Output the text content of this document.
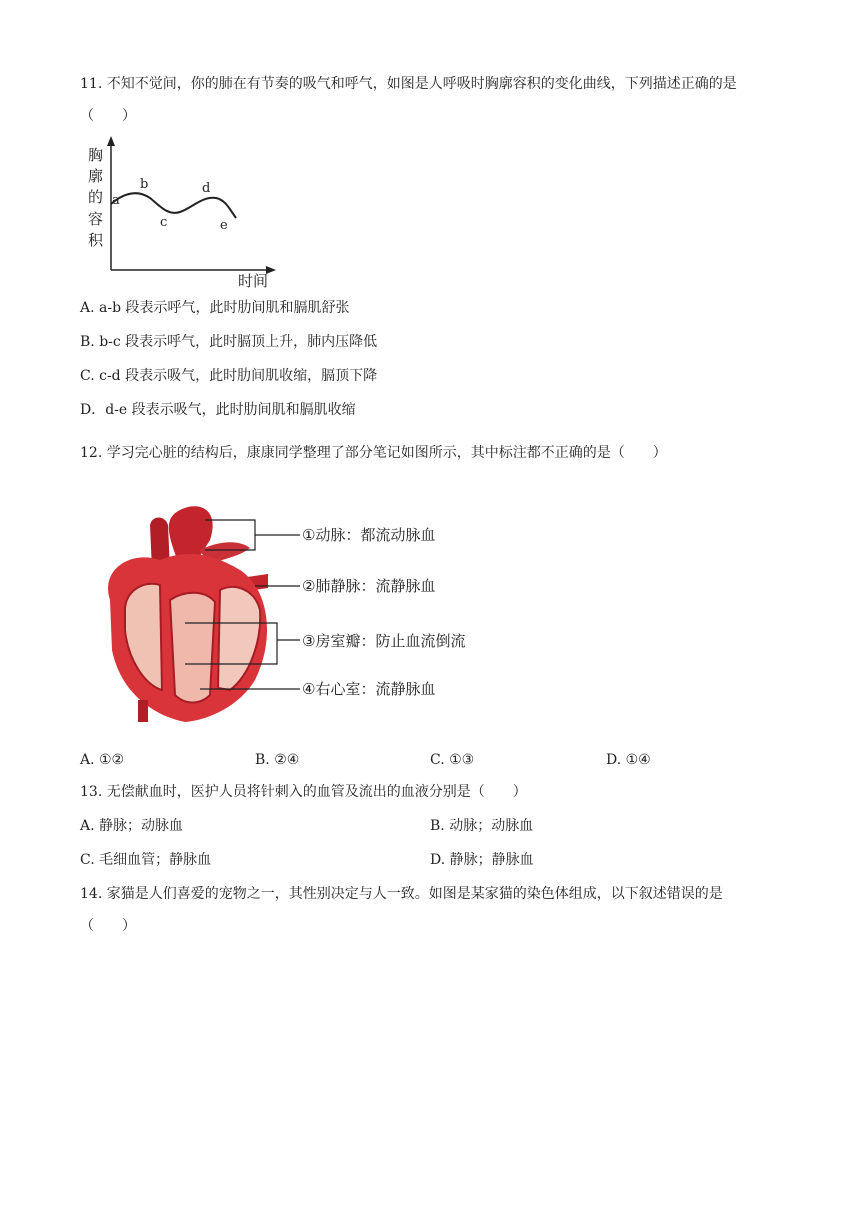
11. 不知不觉间，你的肺在有节奏的吸气和呼气，如图是人呼吸时胸廓容积的变化曲线，下列描述正确的是
（　　）
胸
廓
的
容
积
时间
a
b
c
d
e
A. a-b 段表示呼气，此时肋间肌和膈肌舒张
B. b-c 段表示呼气，此时膈顶上升，肺内压降低
C. c-d 段表示吸气，此时肋间肌收缩，膈顶下降
D．d-e 段表示吸气，此时肋间肌和膈肌收缩
12. 学习完心脏的结构后，康康同学整理了部分笔记如图所示，其中标注都不正确的是（　　）
①动脉：都流动脉血
②肺静脉：流静脉血
③房室瓣：防止血流倒流
④右心室：流静脉血
A. ①②	B. ②④	C. ①③	D. ①④
13. 无偿献血时，医护人员将针刺入的血管及流出的血液分别是（　　）
A. 静脉；动脉血	B. 动脉；动脉血
C. 毛细血管；静脉血	D. 静脉；静脉血
14. 家猫是人们喜爱的宠物之一，其性别决定与人一致。如图是某家猫的染色体组成，以下叙述错误的是
（　　）
